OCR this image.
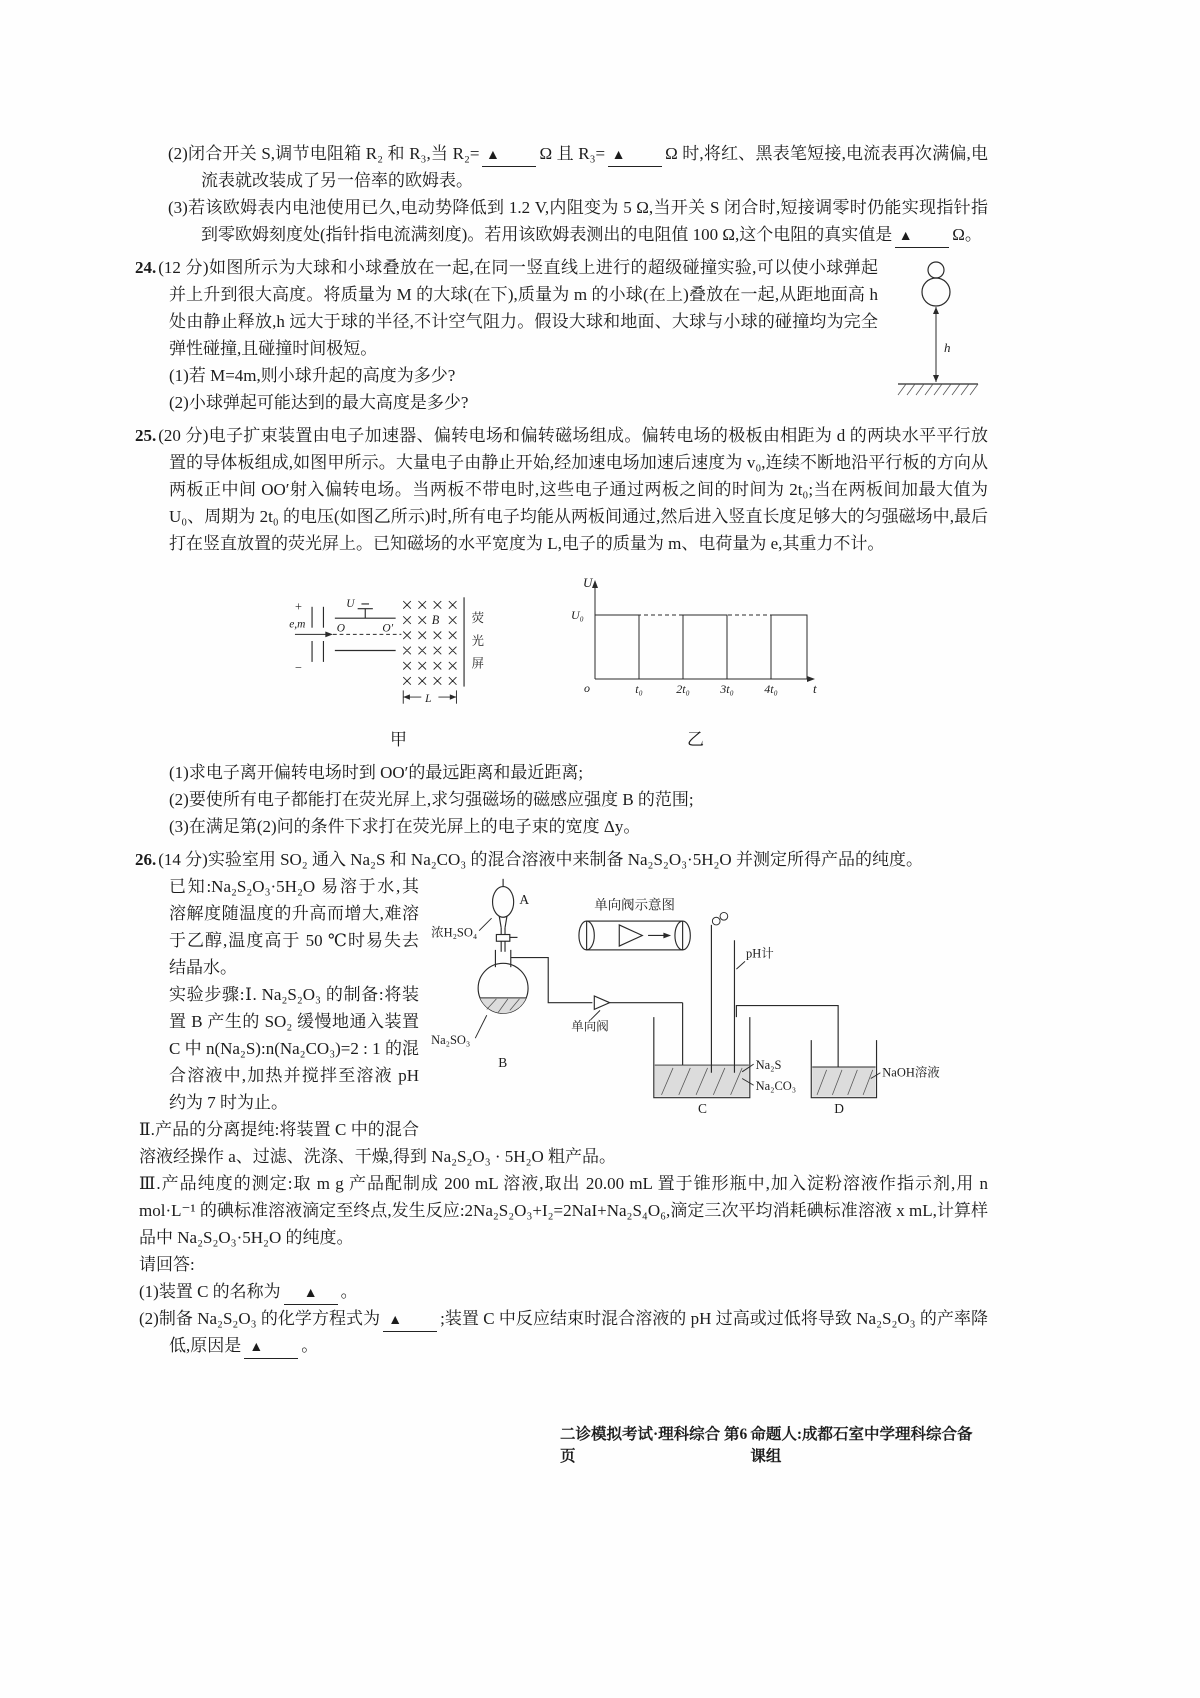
(2)闭合开关 S,调节电阻箱 R₂ 和 R₃,当 R₂= ▲ Ω 且 R₃= ▲ Ω 时,将红、黑表笔短接,电流表再次满偏,电流表就改装成了另一倍率的欧姆表。

(3)若该欧姆表内电池使用已久,电动势降低到 1.2 V,内阻变为 5 Ω,当开关 S 闭合时,短接调零时仍能实现指针指到零欧姆刻度处(指针指电流满刻度)。若用该欧姆表测出的电阻值 100 Ω,这个电阻的真实值是 ▲ Ω。

h
24. (12 分)如图所示为大球和小球叠放在一起,在同一竖直线上进行的超级碰撞实验,可以使小球弹起并上升到很大高度。将质量为 M 的大球(在下),质量为 m 的小球(在上)叠放在一起,从距地面高 h 处由静止释放,h 远大于球的半径,不计空气阻力。假设大球和地面、大球与小球的碰撞均为完全弹性碰撞,且碰撞时间极短。

(1)若 M=4m,则小球升起的高度为多少?

(2)小球弹起可能达到的最大高度是多少?

25. (20 分)电子扩束装置由电子加速器、偏转电场和偏转磁场组成。偏转电场的极板由相距为 d 的两块水平平行放置的导体板组成,如图甲所示。大量电子由静止开始,经加速电场加速后速度为 v₀,连续不断地沿平行板的方向从两板正中间 OO′射入偏转电场。当两板不带电时,这些电子通过两板之间的时间为 2t₀;当在两板间加最大值为 U₀、周期为 2t₀ 的电压(如图乙所示)时,所有电子均能从两板间通过,然后进入竖直长度足够大的匀强磁场中,最后打在竖直放置的荧光屏上。已知磁场的水平宽度为 L,电子的质量为 m、电荷量为 e,其重力不计。

+
−
e,m	O	O′
U
B 荧
光
屏
L
甲
U
t
o
U₀
t₀	2t₀	3t₀	4t₀
乙

(1)求电子离开偏转电场时到 OO′的最远距离和最近距离;

(2)要使所有电子都能打在荧光屏上,求匀强磁场的磁感应强度 B 的范围;

(3)在满足第(2)问的条件下求打在荧光屏上的电子束的宽度 Δy。

26. (14 分)实验室用 SO₂ 通入 Na₂S 和 Na₂CO₃ 的混合溶液中来制备 Na₂S₂O₃·5H₂O 并测定所得产品的纯度。

A
浓H₂SO₄
Na₂SO₃
B
单向阀
单向阀示意图
pH计
Na₂S
Na₂CO₃
C
NaOH溶液
D
已知:Na₂S₂O₃·5H₂O 易溶于水,其溶解度随温度的升高而增大,难溶于乙醇,温度高于 50 ℃时易失去结晶水。

实验步骤:Ⅰ. Na₂S₂O₃ 的制备:将装置 B 产生的 SO₂ 缓慢地通入装置 C 中 n(Na₂S):n(Na₂CO₃)=2 : 1 的混合溶液中,加热并搅拌至溶液 pH 约为 7 时为止。

Ⅱ.产品的分离提纯:将装置 C 中的混合溶液经操作 a、过滤、洗涤、干燥,得到 Na₂S₂O₃ · 5H₂O 粗产品。

Ⅲ.产品纯度的测定:取 m g 产品配制成 200 mL 溶液,取出 20.00 mL 置于锥形瓶中,加入淀粉溶液作指示剂,用 n mol·L⁻¹ 的碘标准溶液滴定至终点,发生反应:2Na₂S₂O₃+I₂=2NaI+Na₂S₄O₆,滴定三次平均消耗碘标准溶液 x mL,计算样品中 Na₂S₂O₃·5H₂O 的纯度。

请回答:

(1)装置 C 的名称为 ▲ 。

(2)制备 Na₂S₂O₃ 的化学方程式为 ▲ ;装置 C 中反应结束时混合溶液的 pH 过高或过低将导致 Na₂S₂O₃ 的产率降低,原因是 ▲ 。

二诊模拟考试·理科综合 第6页
命题人:成都石室中学理科综合备课组
